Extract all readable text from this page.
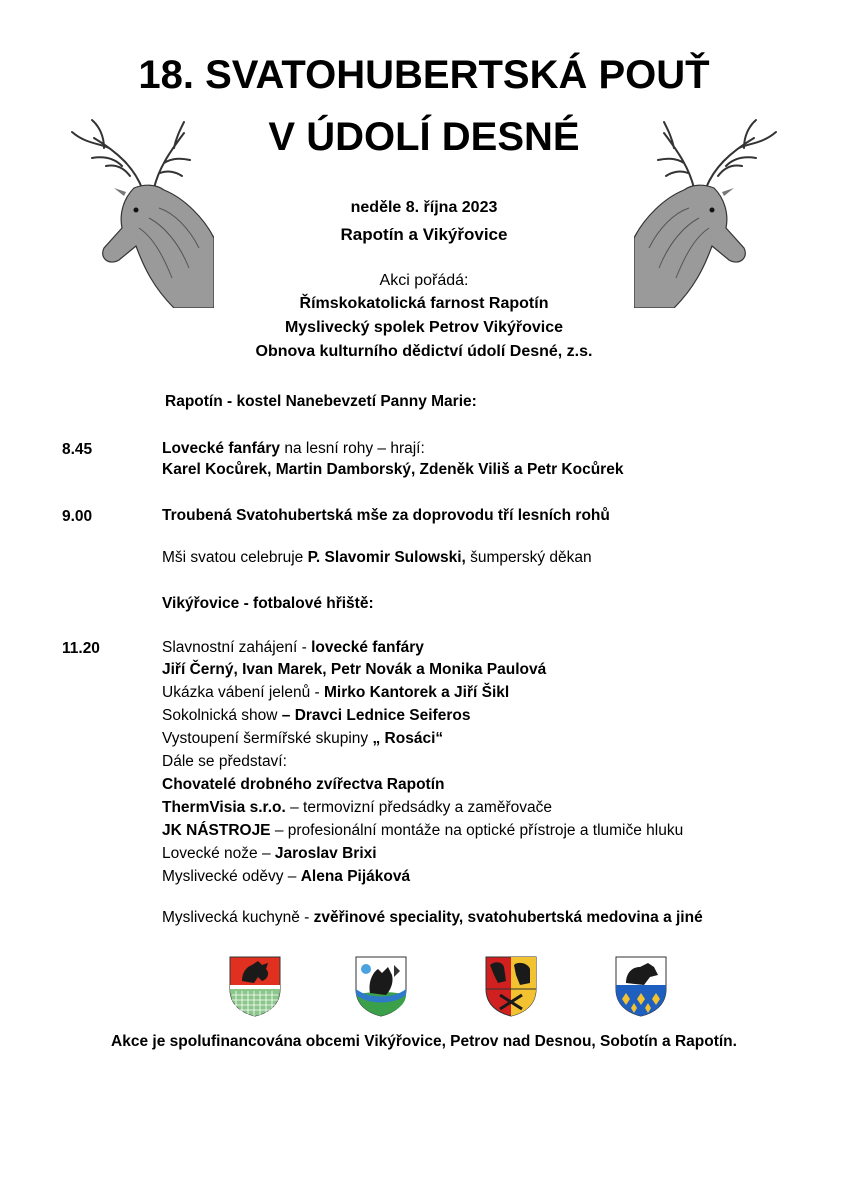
18. SVATOHUBERTSKÁ POUŤ
V ÚDOLÍ DESNÉ
neděle 8. října 2023
Rapotín a Vikýřovice
Akci pořádá:
Římskokatolická farnost Rapotín
Myslivecký spolek Petrov Vikýřovice
Obnova kulturního dědictví údolí Desné, z.s.
Rapotín - kostel Nanebevzetí Panny Marie:
8.45	Lovecké fanfáry na lesní rohy – hrají:
Karel Kocůrek, Martin Damborský, Zdeněk Viliš a Petr Kocůrek
9.00	Troubená Svatohubertská mše za doprovodu tří lesních rohů
Mši svatou celebruje P. Slavomir Sulowski, šumperský děkan
Vikýřovice - fotbalové hřiště:
11.20	Slavnostní zahájení - lovecké fanfáry
Jiří Černý, Ivan Marek, Petr Novák a Monika Paulová
Ukázka vábení jelenů - Mirko Kantorek a Jiří Šikl
Sokolnická show – Dravci Lednice Seiferos
Vystoupení šermířské skupiny „ Rosáci“
Dále se představí:
Chovatelé drobného zvířectva Rapotín
ThermVisia s.r.o. – termovizní předsádky a zaměřovače
JK NÁSTROJE – profesionální montáže na optické přístroje a tlumiče hluku
Lovecké nože – Jaroslav Brixi
Myslivecké oděvy – Alena Pijáková
Myslivecká kuchyně - zvěřinové speciality, svatohubertská medovina a jiné
Akce je spolufinancována obcemi Vikýřovice, Petrov nad Desnou, Sobotín a Rapotín.
